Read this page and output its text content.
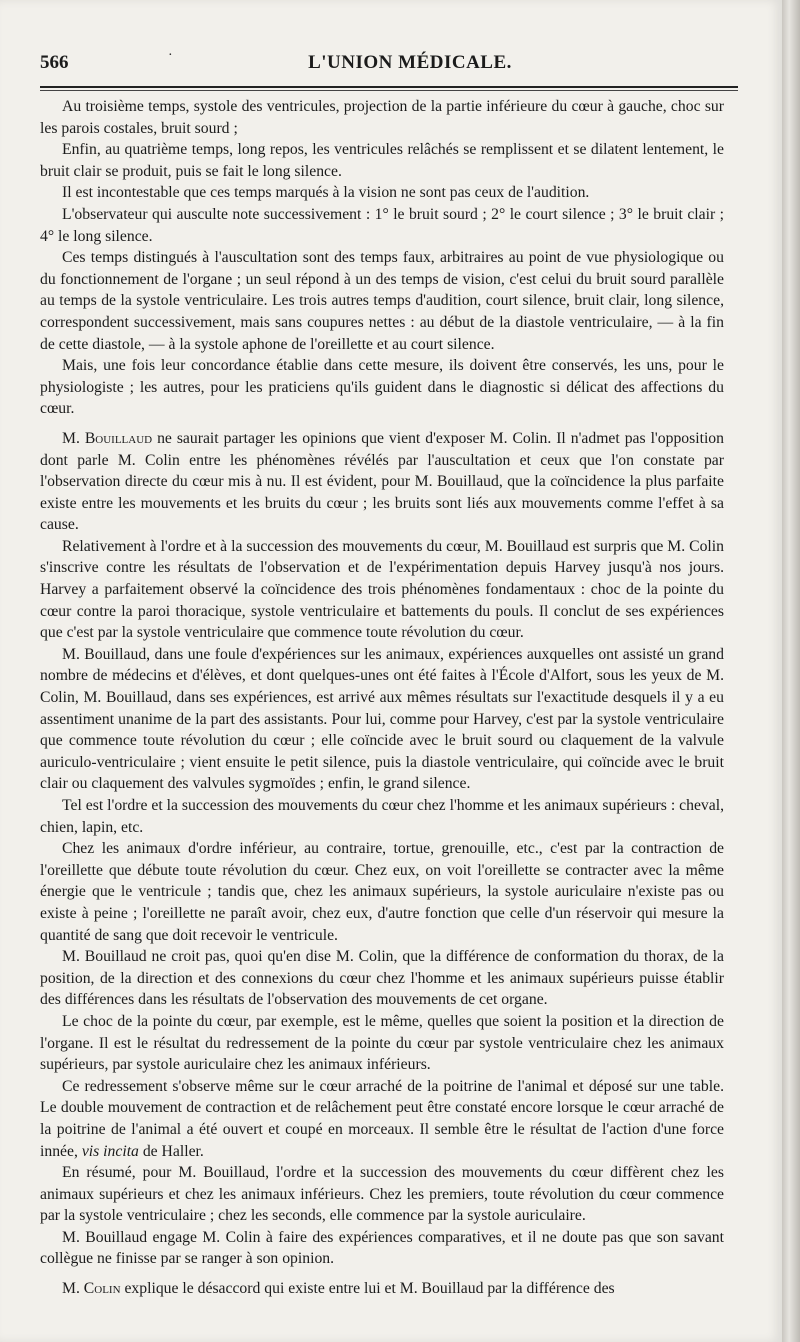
566	·	L'UNION MÉDICALE.

Au troisième temps, systole des ventricules, projection de la partie inférieure du cœur à gauche, choc sur les parois costales, bruit sourd ;

Enfin, au quatrième temps, long repos, les ventricules relâchés se remplissent et se dilatent lentement, le bruit clair se produit, puis se fait le long silence.

Il est incontestable que ces temps marqués à la vision ne sont pas ceux de l'audition.

L'observateur qui ausculte note successivement : 1° le bruit sourd ; 2° le court silence ; 3° le bruit clair ; 4° le long silence.

Ces temps distingués à l'auscultation sont des temps faux, arbitraires au point de vue physiologique ou du fonctionnement de l'organe ; un seul répond à un des temps de vision, c'est celui du bruit sourd parallèle au temps de la systole ventriculaire. Les trois autres temps d'audition, court silence, bruit clair, long silence, correspondent successivement, mais sans coupures nettes : au début de la diastole ventriculaire, — à la fin de cette diastole, — à la systole aphone de l'oreillette et au court silence.

Mais, une fois leur concordance établie dans cette mesure, ils doivent être conservés, les uns, pour le physiologiste ; les autres, pour les praticiens qu'ils guident dans le diagnostic si délicat des affections du cœur.

M. Bouillaud ne saurait partager les opinions que vient d'exposer M. Colin. Il n'admet pas l'opposition dont parle M. Colin entre les phénomènes révélés par l'auscultation et ceux que l'on constate par l'observation directe du cœur mis à nu. Il est évident, pour M. Bouillaud, que la coïncidence la plus parfaite existe entre les mouvements et les bruits du cœur ; les bruits sont liés aux mouvements comme l'effet à sa cause.

Relativement à l'ordre et à la succession des mouvements du cœur, M. Bouillaud est surpris que M. Colin s'inscrive contre les résultats de l'observation et de l'expérimentation depuis Harvey jusqu'à nos jours. Harvey a parfaitement observé la coïncidence des trois phénomènes fondamentaux : choc de la pointe du cœur contre la paroi thoracique, systole ventriculaire et battements du pouls. Il conclut de ses expériences que c'est par la systole ventriculaire que commence toute révolution du cœur.

M. Bouillaud, dans une foule d'expériences sur les animaux, expériences auxquelles ont assisté un grand nombre de médecins et d'élèves, et dont quelques-unes ont été faites à l'École d'Alfort, sous les yeux de M. Colin, M. Bouillaud, dans ses expériences, est arrivé aux mêmes résultats sur l'exactitude desquels il y a eu assentiment unanime de la part des assistants. Pour lui, comme pour Harvey, c'est par la systole ventriculaire que commence toute révolution du cœur ; elle coïncide avec le bruit sourd ou claquement de la valvule auriculo-ventriculaire ; vient ensuite le petit silence, puis la diastole ventriculaire, qui coïncide avec le bruit clair ou claquement des valvules sygmoïdes ; enfin, le grand silence.

Tel est l'ordre et la succession des mouvements du cœur chez l'homme et les animaux supérieurs : cheval, chien, lapin, etc.

Chez les animaux d'ordre inférieur, au contraire, tortue, grenouille, etc., c'est par la contraction de l'oreillette que débute toute révolution du cœur. Chez eux, on voit l'oreillette se contracter avec la même énergie que le ventricule ; tandis que, chez les animaux supérieurs, la systole auriculaire n'existe pas ou existe à peine ; l'oreillette ne paraît avoir, chez eux, d'autre fonction que celle d'un réservoir qui mesure la quantité de sang que doit recevoir le ventricule.

M. Bouillaud ne croit pas, quoi qu'en dise M. Colin, que la différence de conformation du thorax, de la position, de la direction et des connexions du cœur chez l'homme et les animaux supérieurs puisse établir des différences dans les résultats de l'observation des mouvements de cet organe.

Le choc de la pointe du cœur, par exemple, est le même, quelles que soient la position et la direction de l'organe. Il est le résultat du redressement de la pointe du cœur par systole ventriculaire chez les animaux supérieurs, par systole auriculaire chez les animaux inférieurs.

Ce redressement s'observe même sur le cœur arraché de la poitrine de l'animal et déposé sur une table. Le double mouvement de contraction et de relâchement peut être constaté encore lorsque le cœur arraché de la poitrine de l'animal a été ouvert et coupé en morceaux. Il semble être le résultat de l'action d'une force innée, vis incita de Haller.

En résumé, pour M. Bouillaud, l'ordre et la succession des mouvements du cœur diffèrent chez les animaux supérieurs et chez les animaux inférieurs. Chez les premiers, toute révolution du cœur commence par la systole ventriculaire ; chez les seconds, elle commence par la systole auriculaire.

M. Bouillaud engage M. Colin à faire des expériences comparatives, et il ne doute pas que son savant collègue ne finisse par se ranger à son opinion.

M. Colin explique le désaccord qui existe entre lui et M. Bouillaud par la différence des
